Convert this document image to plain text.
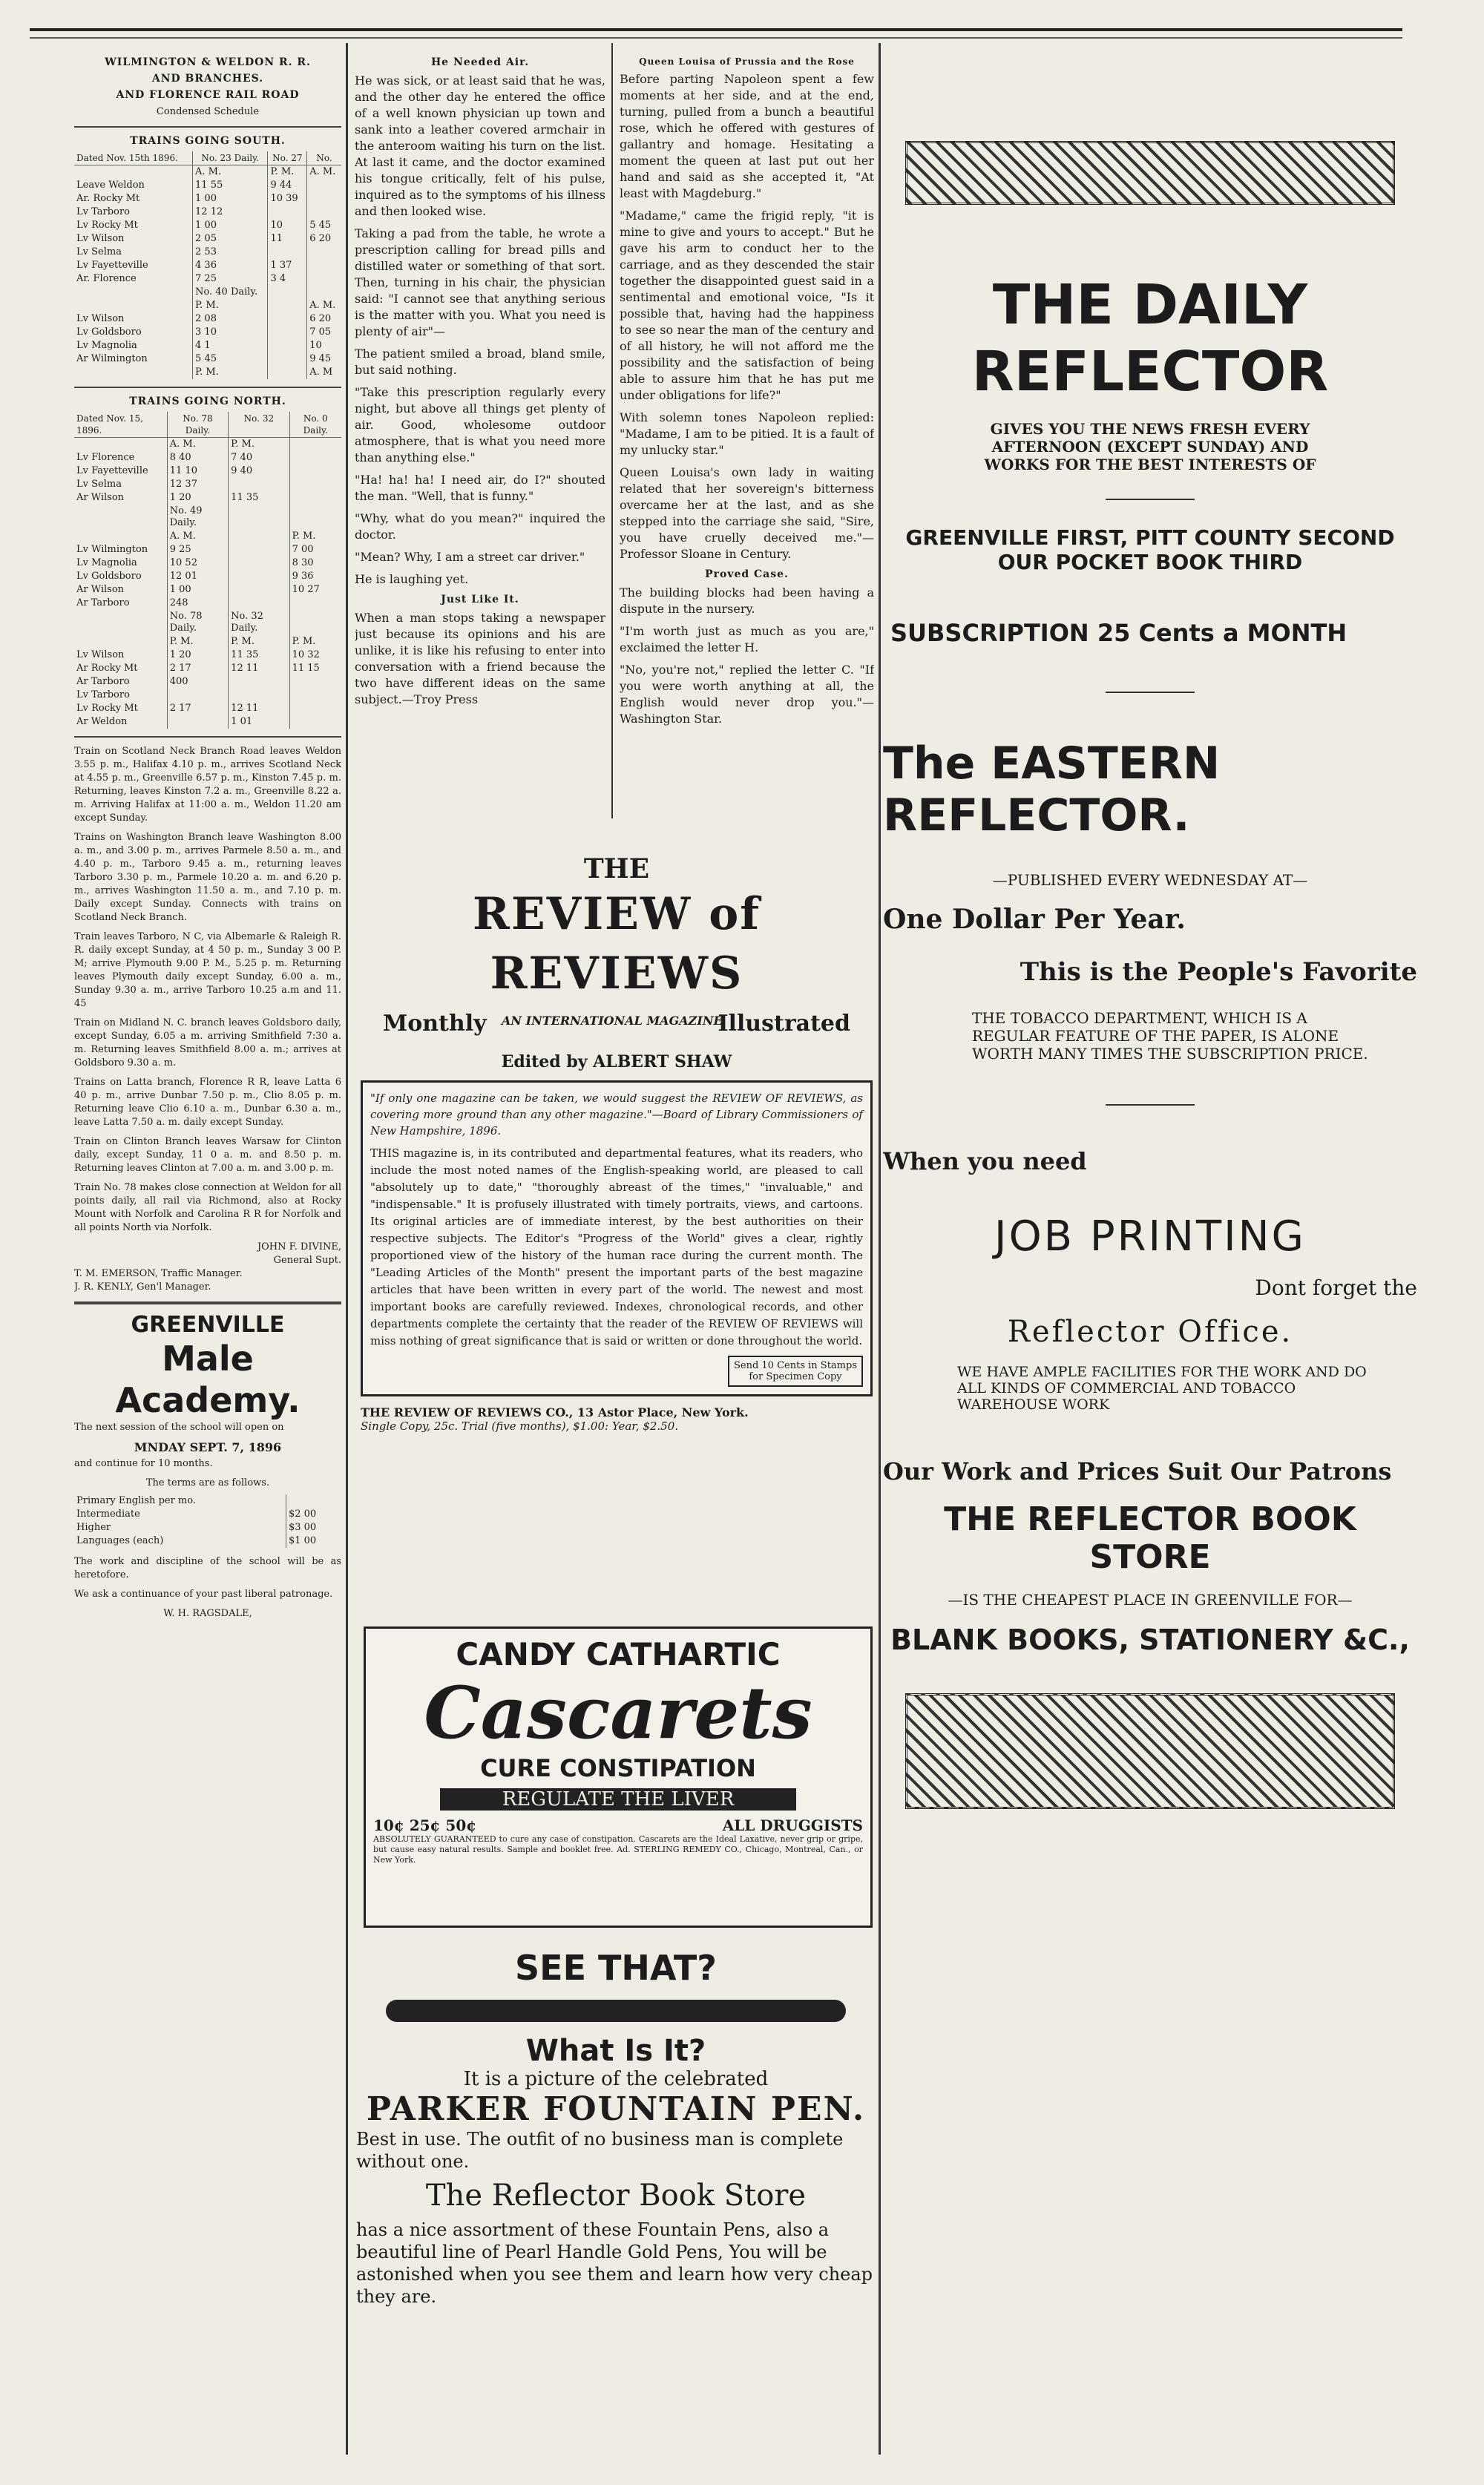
WILMINGTON & WELDON R. R.
AND BRANCHES.
AND FLORENCE RAIL ROAD
Condensed Schedule
TRAINS GOING SOUTH.
Dated Nov. 15th 1896.	No. 23 Daily.	No. 27	No.
	A. M.	P. M.	A. M.
Leave Weldon	11 55	9 44	
Ar. Rocky Mt	1 00	10 39	
Lv Tarboro	12 12		
Lv Rocky Mt	1 00	10	5 45
Lv Wilson	2 05	11	6 20
Lv Selma	2 53		
Lv Fayetteville	4 36	1 37	
Ar. Florence	7 25	3 4	
	No. 40 Daily.		
	P. M.		A. M.
Lv Wilson	2 08		6 20
Lv Goldsboro	3 10		7 05
Lv Magnolia	4 1		10
Ar Wilmington	5 45		9 45
	P. M.		A. M
TRAINS GOING NORTH.
Dated Nov. 15, 1896.	No. 78 Daily.	No. 32	No. 0 Daily.
	A. M.	P. M.	
Lv Florence	8 40	7 40	
Lv Fayetteville	11 10	9 40	
Lv Selma	12 37		
Ar Wilson	1 20	11 35	
	No. 49 Daily.		
	A. M.		P. M.
Lv Wilmington	9 25		7 00
Lv Magnolia	10 52		8 30
Lv Goldsboro	12 01		9 36
Ar Wilson	1 00		10 27
Ar Tarboro	248		
	No. 78 Daily.	No. 32 Daily.	
	P. M.	P. M.	P. M.
Lv Wilson	1 20	11 35	10 32
Ar Rocky Mt	2 17	12 11	11 15
Ar Tarboro	400		
Lv Tarboro			
Lv Rocky Mt	2 17	12 11	
Ar Weldon		1 01	

Train on Scotland Neck Branch Road leaves Weldon 3.55 p. m., Halifax 4.10 p. m., arrives Scotland Neck at 4.55 p. m., Greenville 6.57 p. m., Kinston 7.45 p. m. Returning, leaves Kinston 7.2 a. m., Greenville 8.22 a. m. Arriving Halifax at 11:00 a. m., Weldon 11.20 am except Sunday.

Trains on Washington Branch leave Washington 8.00 a. m., and 3.00 p. m., arrives Parmele 8.50 a. m., and 4.40 p. m., Tarboro 9.45 a. m., returning leaves Tarboro 3.30 p. m., Parmele 10.20 a. m. and 6.20 p. m., arrives Washington 11.50 a. m., and 7.10 p. m. Daily except Sunday. Connects with trains on Scotland Neck Branch.

Train leaves Tarboro, N C, via Albemarle & Raleigh R. R. daily except Sunday, at 4 50 p. m., Sunday 3 00 P. M; arrive Plymouth 9.00 P. M., 5.25 p. m. Returning leaves Plymouth daily except Sunday, 6.00 a. m., Sunday 9.30 a. m., arrive Tarboro 10.25 a.m and 11. 45

Train on Midland N. C. branch leaves Goldsboro daily, except Sunday, 6.05 a m. arriving Smithfield 7:30 a. m. Returning leaves Smithfield 8.00 a. m.; arrives at Goldsboro 9.30 a. m.

Trains on Latta branch, Florence R R, leave Latta 6 40 p. m., arrive Dunbar 7.50 p. m., Clio 8.05 p. m. Returning leave Clio 6.10 a. m., Dunbar 6.30 a. m., leave Latta 7.50 a. m. daily except Sunday.

Train on Clinton Branch leaves Warsaw for Clinton daily, except Sunday, 11 0 a. m. and 8.50 p. m. Returning leaves Clinton at 7.00 a. m. and 3.00 p. m.

Train No. 78 makes close connection at Weldon for all points daily, all rail via Richmond, also at Rocky Mount with Norfolk and Carolina R R for Norfolk and all points North via Norfolk.

JOHN F. DIVINE,
General Supt.
T. M. EMERSON, Traffic Manager.
J. R. KENLY, Gen'l Manager.
GREENVILLE
Male Academy.

The next session of the school will open on

MNDAY SEPT. 7, 1896

and continue for 10 months.

The terms are as follows.
Primary English per mo.	
Intermediate	$2 00
Higher	$3 00
Languages (each)	$1 00

The work and discipline of the school will be as heretofore.

We ask a continuance of your past liberal patronage.

W. H. RAGSDALE,
He Needed Air.

He was sick, or at least said that he was, and the other day he entered the office of a well known physician up town and sank into a leather covered armchair in the anteroom waiting his turn on the list. At last it came, and the doctor examined his tongue critically, felt of his pulse, inquired as to the symptoms of his illness and then looked wise.

Taking a pad from the table, he wrote a prescription calling for bread pills and distilled water or something of that sort. Then, turning in his chair, the physician said: "I cannot see that anything serious is the matter with you. What you need is plenty of air"—

The patient smiled a broad, bland smile, but said nothing.

"Take this prescription regularly every night, but above all things get plenty of air. Good, wholesome outdoor atmosphere, that is what you need more than anything else."

"Ha! ha! ha! I need air, do I?" shouted the man. "Well, that is funny."

"Why, what do you mean?" inquired the doctor.

"Mean? Why, I am a street car driver."

He is laughing yet.

Just Like It.

When a man stops taking a newspaper just because its opinions and his are unlike, it is like his refusing to enter into conversation with a friend because the two have different ideas on the same subject.—Troy Press

Queen Louisa of Prussia and the Rose

Before parting Napoleon spent a few moments at her side, and at the end, turning, pulled from a bunch a beautiful rose, which he offered with gestures of gallantry and homage. Hesitating a moment the queen at last put out her hand and said as she accepted it, "At least with Magdeburg."

"Madame," came the frigid reply, "it is mine to give and yours to accept." But he gave his arm to conduct her to the carriage, and as they descended the stair together the disappointed guest said in a sentimental and emotional voice, "Is it possible that, having had the happiness to see so near the man of the century and of all history, he will not afford me the possibility and the satisfaction of being able to assure him that he has put me under obligations for life?"

With solemn tones Napoleon replied: "Madame, I am to be pitied. It is a fault of my unlucky star."

Queen Louisa's own lady in waiting related that her sovereign's bitterness overcame her at the last, and as she stepped into the carriage she said, "Sire, you have cruelly deceived me."—Professor Sloane in Century.

Proved Case.

The building blocks had been having a dispute in the nursery.

"I'm worth just as much as you are," exclaimed the letter H.

"No, you're not," replied the letter C. "If you were worth anything at all, the English would never drop you."—Washington Star.

THE
REVIEW of REVIEWS
Monthly AN INTERNATIONAL MAGAZINE
Illustrated
Edited by ALBERT SHAW

"If only one magazine can be taken, we would suggest the REVIEW OF REVIEWS, as covering more ground than any other magazine."—Board of Library Commissioners of New Hampshire, 1896.

THIS magazine is, in its contributed and departmental features, what its readers, who include the most noted names of the English-speaking world, are pleased to call "absolutely up to date," "thoroughly abreast of the times," "invaluable," and "indispensable." It is profusely illustrated with timely portraits, views, and cartoons. Its original articles are of immediate interest, by the best authorities on their respective subjects. The Editor's "Progress of the World" gives a clear, rightly proportioned view of the history of the human race during the current month. The "Leading Articles of the Month" present the important parts of the best magazine articles that have been written in every part of the world. The newest and most important books are carefully reviewed. Indexes, chronological records, and other departments complete the certainty that the reader of the REVIEW OF REVIEWS will miss nothing of great significance that is said or written or done throughout the world.

Send 10 Cents in Stamps for Specimen Copy
THE REVIEW OF REVIEWS CO., 13 Astor Place, New York.
Single Copy, 25c. Trial (five months), $1.00: Year, $2.50.
CANDY CATHARTIC
Cascarets
CURE CONSTIPATION
REGULATE THE LIVER
10¢ 25¢ 50¢	ALL DRUGGISTS

ABSOLUTELY GUARANTEED to cure any case of constipation. Cascarets are the Ideal Laxative, never grip or gripe, but cause easy natural results. Sample and booklet free. Ad. STERLING REMEDY CO., Chicago, Montreal, Can., or New York.

SEE THAT?
What Is It?
It is a picture of the celebrated
PARKER FOUNTAIN PEN.
Best in use. The outfit of no business man is complete without one.
The Reflector Book Store
has a nice assortment of these Fountain Pens, also a beautiful line of Pearl Handle Gold Pens, You will be astonished when you see them and learn how very cheap they are.
THE DAILY REFLECTOR
GIVES YOU THE NEWS FRESH EVERY AFTERNOON (EXCEPT SUNDAY) AND WORKS FOR THE BEST INTERESTS OF
GREENVILLE FIRST, PITT COUNTY SECOND OUR POCKET BOOK THIRD
SUBSCRIPTION 25 Cents a MONTH
The EASTERN REFLECTOR.
—PUBLISHED EVERY WEDNESDAY AT—
One Dollar Per Year.
This is the People's Favorite
THE TOBACCO DEPARTMENT, WHICH IS A REGULAR FEATURE OF THE PAPER, IS ALONE WORTH MANY TIMES THE SUBSCRIPTION PRICE.
When you need
JOB PRINTING
Dont forget the
Reflector Office.
WE HAVE AMPLE FACILITIES FOR THE WORK AND DO ALL KINDS OF COMMERCIAL AND TOBACCO WAREHOUSE WORK
Our Work and Prices Suit Our Patrons
THE REFLECTOR BOOK STORE
—IS THE CHEAPEST PLACE IN GREENVILLE FOR—
BLANK BOOKS, STATIONERY &C.,
